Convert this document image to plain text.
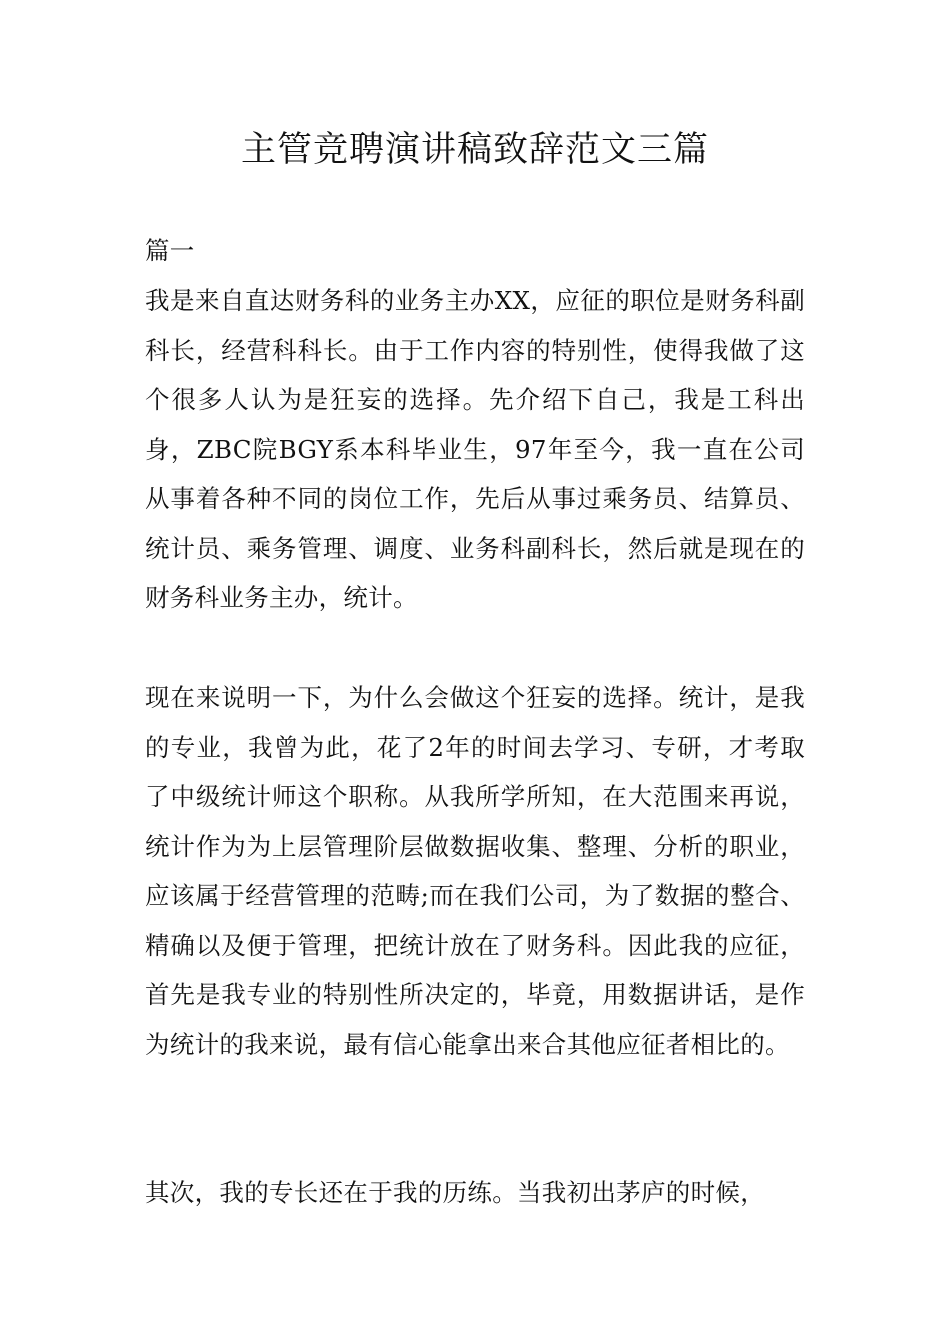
主管竞聘演讲稿致辞范文三篇
篇一
我是来自直达财务科的业务主办XX，应征的职位是财务科副科长，经营科科长。由于工作内容的特别性，使得我做了这个很多人认为是狂妄的选择。先介绍下自己，我是工科出身，ZBC院BGY系本科毕业生，97年至今，我一直在公司从事着各种不同的岗位工作，先后从事过乘务员、结算员、统计员、乘务管理、调度、业务科副科长，然后就是现在的财务科业务主办，统计。
现在来说明一下，为什么会做这个狂妄的选择。统计，是我的专业，我曾为此，花了2年的时间去学习、专研，才考取了中级统计师这个职称。从我所学所知，在大范围来再说，统计作为为上层管理阶层做数据收集、整理、分析的职业，应该属于经营管理的范畴;而在我们公司，为了数据的整合、精确以及便于管理，把统计放在了财务科。因此我的应征，首先是我专业的特别性所决定的，毕竟，用数据讲话，是作为统计的我来说，最有信心能拿出来合其他应征者相比的。
其次，我的专长还在于我的历练。当我初出茅庐的时候，
